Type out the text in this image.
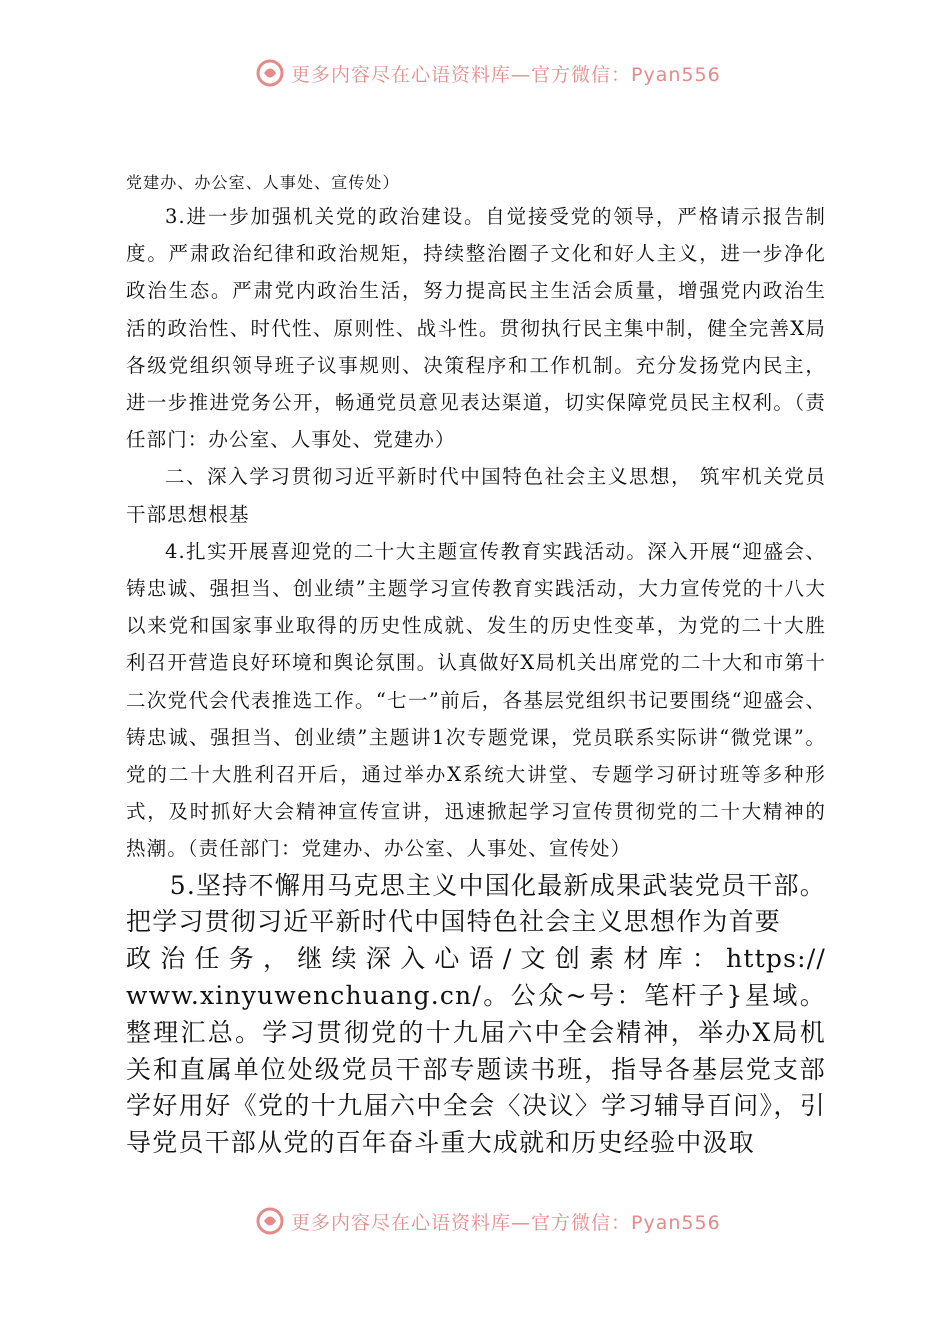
更多内容尽在心语资料库—官方微信：Pyan556

党建办、办公室、人事处、宣传处）

3.进一步加强机关党的政治建设。自觉接受党的领导，严格请示报告制度。严肃政治纪律和政治规矩，持续整治圈子文化和好人主义，进一步净化政治生态。严肃党内政治生活，努力提高民主生活会质量，增强党内政治生活的政治性、时代性、原则性、战斗性。贯彻执行民主集中制，健全完善X局各级党组织领导班子议事规则、决策程序和工作机制。充分发扬党内民主，进一步推进党务公开，畅通党员意见表达渠道，切实保障党员民主权利。（责任部门：办公室、人事处、党建办）

二、深入学习贯彻习近平新时代中国特色社会主义思想， 筑牢机关党员干部思想根基

4.扎实开展喜迎党的二十大主题宣传教育实践活动。深入开展“迎盛会、铸忠诚、强担当、创业绩”主题学习宣传教育实践活动，大力宣传党的十八大以来党和国家事业取得的历史性成就、发生的历史性变革，为党的二十大胜利召开营造良好环境和舆论氛围。认真做好X局机关出席党的二十大和市第十二次党代会代表推选工作。“七一”前后，各基层党组织书记要围绕“迎盛会、铸忠诚、强担当、创业绩”主题讲1次专题党课，党员联系实际讲“微党课”。党的二十大胜利召开后，通过举办X系统大讲堂、专题学习研讨班等多种形式，及时抓好大会精神宣传宣讲，迅速掀起学习宣传贯彻党的二十大精神的热潮。（责任部门：党建办、办公室、人事处、宣传处）

5.坚持不懈用马克思主义中国化最新成果武装党员干部。把学习贯彻习近平新时代中国特色社会主义思想作为首要

政治任务，继续深入心语/文创素材库：https://

www.xinyuwenchuang.cn/。公众~号：笔杆子}星域。整理汇总。学习贯彻党的十九届六中全会精神，举办X局机关和直属单位处级党员干部专题读书班，指导各基层党支部学好用好《党的十九届六中全会〈决议〉学习辅导百问》，引导党员干部从党的百年奋斗重大成就和历史经验中汲取

更多内容尽在心语资料库—官方微信：Pyan556
